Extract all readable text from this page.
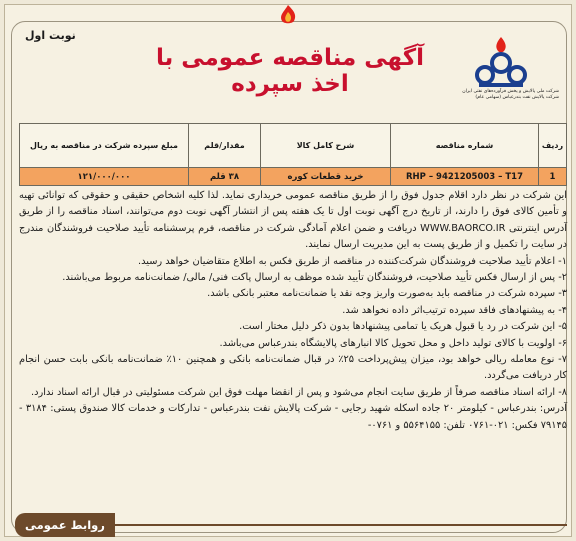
نوبت اول
آگهی مناقصه عمومی با اخذ سپرده	شرکت ملی پالایش و پخش فرآورده‌های نفتی ایران
شرکت پالایش نفت بندرعباس (سهامی عام)
ردیف	شماره مناقصه	شرح کامل کالا	مقدار/قلم	مبلغ سپرده شرکت در مناقصه به ریال
1	RHP – 9421205003 – T17	خرید قطعات کوره	۳۸ قلم	۱۲۱/۰۰۰/۰۰۰

این شرکت در نظر دارد اقلام جدول فوق را از طریق مناقصه عمومی خریداری نماید. لذا کلیه اشخاص حقیقی و حقوقی که توانائی تهیه و تأمین کالای فوق را دارند، از تاریخ درج آگهی نوبت اول تا یک هفته پس از انتشار آگهی نوبت دوم می‌توانند، اسناد مناقصه را از طریق آدرس اینترنتی WWW.BAORCO.IR دریافت و ضمن اعلام آمادگی شرکت در مناقصه، فرم پرسشنامه تأیید صلاحیت فروشندگان مندرج در سایت را تکمیل و از طریق پست به این مدیریت ارسال نمایند.

۱- اعلام تأیید صلاحیت فروشندگان شرکت‌کننده در مناقصه از طریق فکس به اطلاع متقاضیان خواهد رسید.

۲- پس از ارسال فکس تأیید صلاحیت، فروشندگان تأیید شده موظف به ارسال پاکت فنی/ مالی/ ضمانت‌نامه مربوط می‌باشند.

۳- سپرده شرکت در مناقصه باید به‌صورت واریز وجه نقد یا ضمانت‌نامه معتبر بانکی باشد.

۴- به پیشنهادهای فاقد سپرده ترتیب‌اثر داده نخواهد شد.

۵- این شرکت در رد یا قبول هریک یا تمامی پیشنهادها بدون ذکر دلیل مختار است.

۶- اولویت با کالای تولید داخل و محل تحویل کالا انبارهای پالایشگاه بندرعباس می‌باشد.

۷- نوع معامله ریالی خواهد بود، میزان پیش‌پرداخت ۲۵٪ در قبال ضمانت‌نامه بانکی و همچنین ۱۰٪ ضمانت‌نامه بانکی بابت حسن انجام کار دریافت می‌گردد.

۸- ارائه اسناد مناقصه صرفاً از طریق سایت انجام می‌شود و پس از انقضا مهلت فوق این شرکت مسئولیتی در قبال ارائه اسناد ندارد.

آدرس: بندرعباس - کیلومتر ۲۰ جاده اسکله شهید رجایی - شرکت پالایش نفت بندرعباس - تدارکات و خدمات کالا صندوق پستی: ۳۱۸۴ - ۷۹۱۴۵ فکس: ۰۲۱-۰۷۶۱ تلفن: ۵۵۶۴۱۵۵ و ۰۷۶۱-

روابط عمومی
